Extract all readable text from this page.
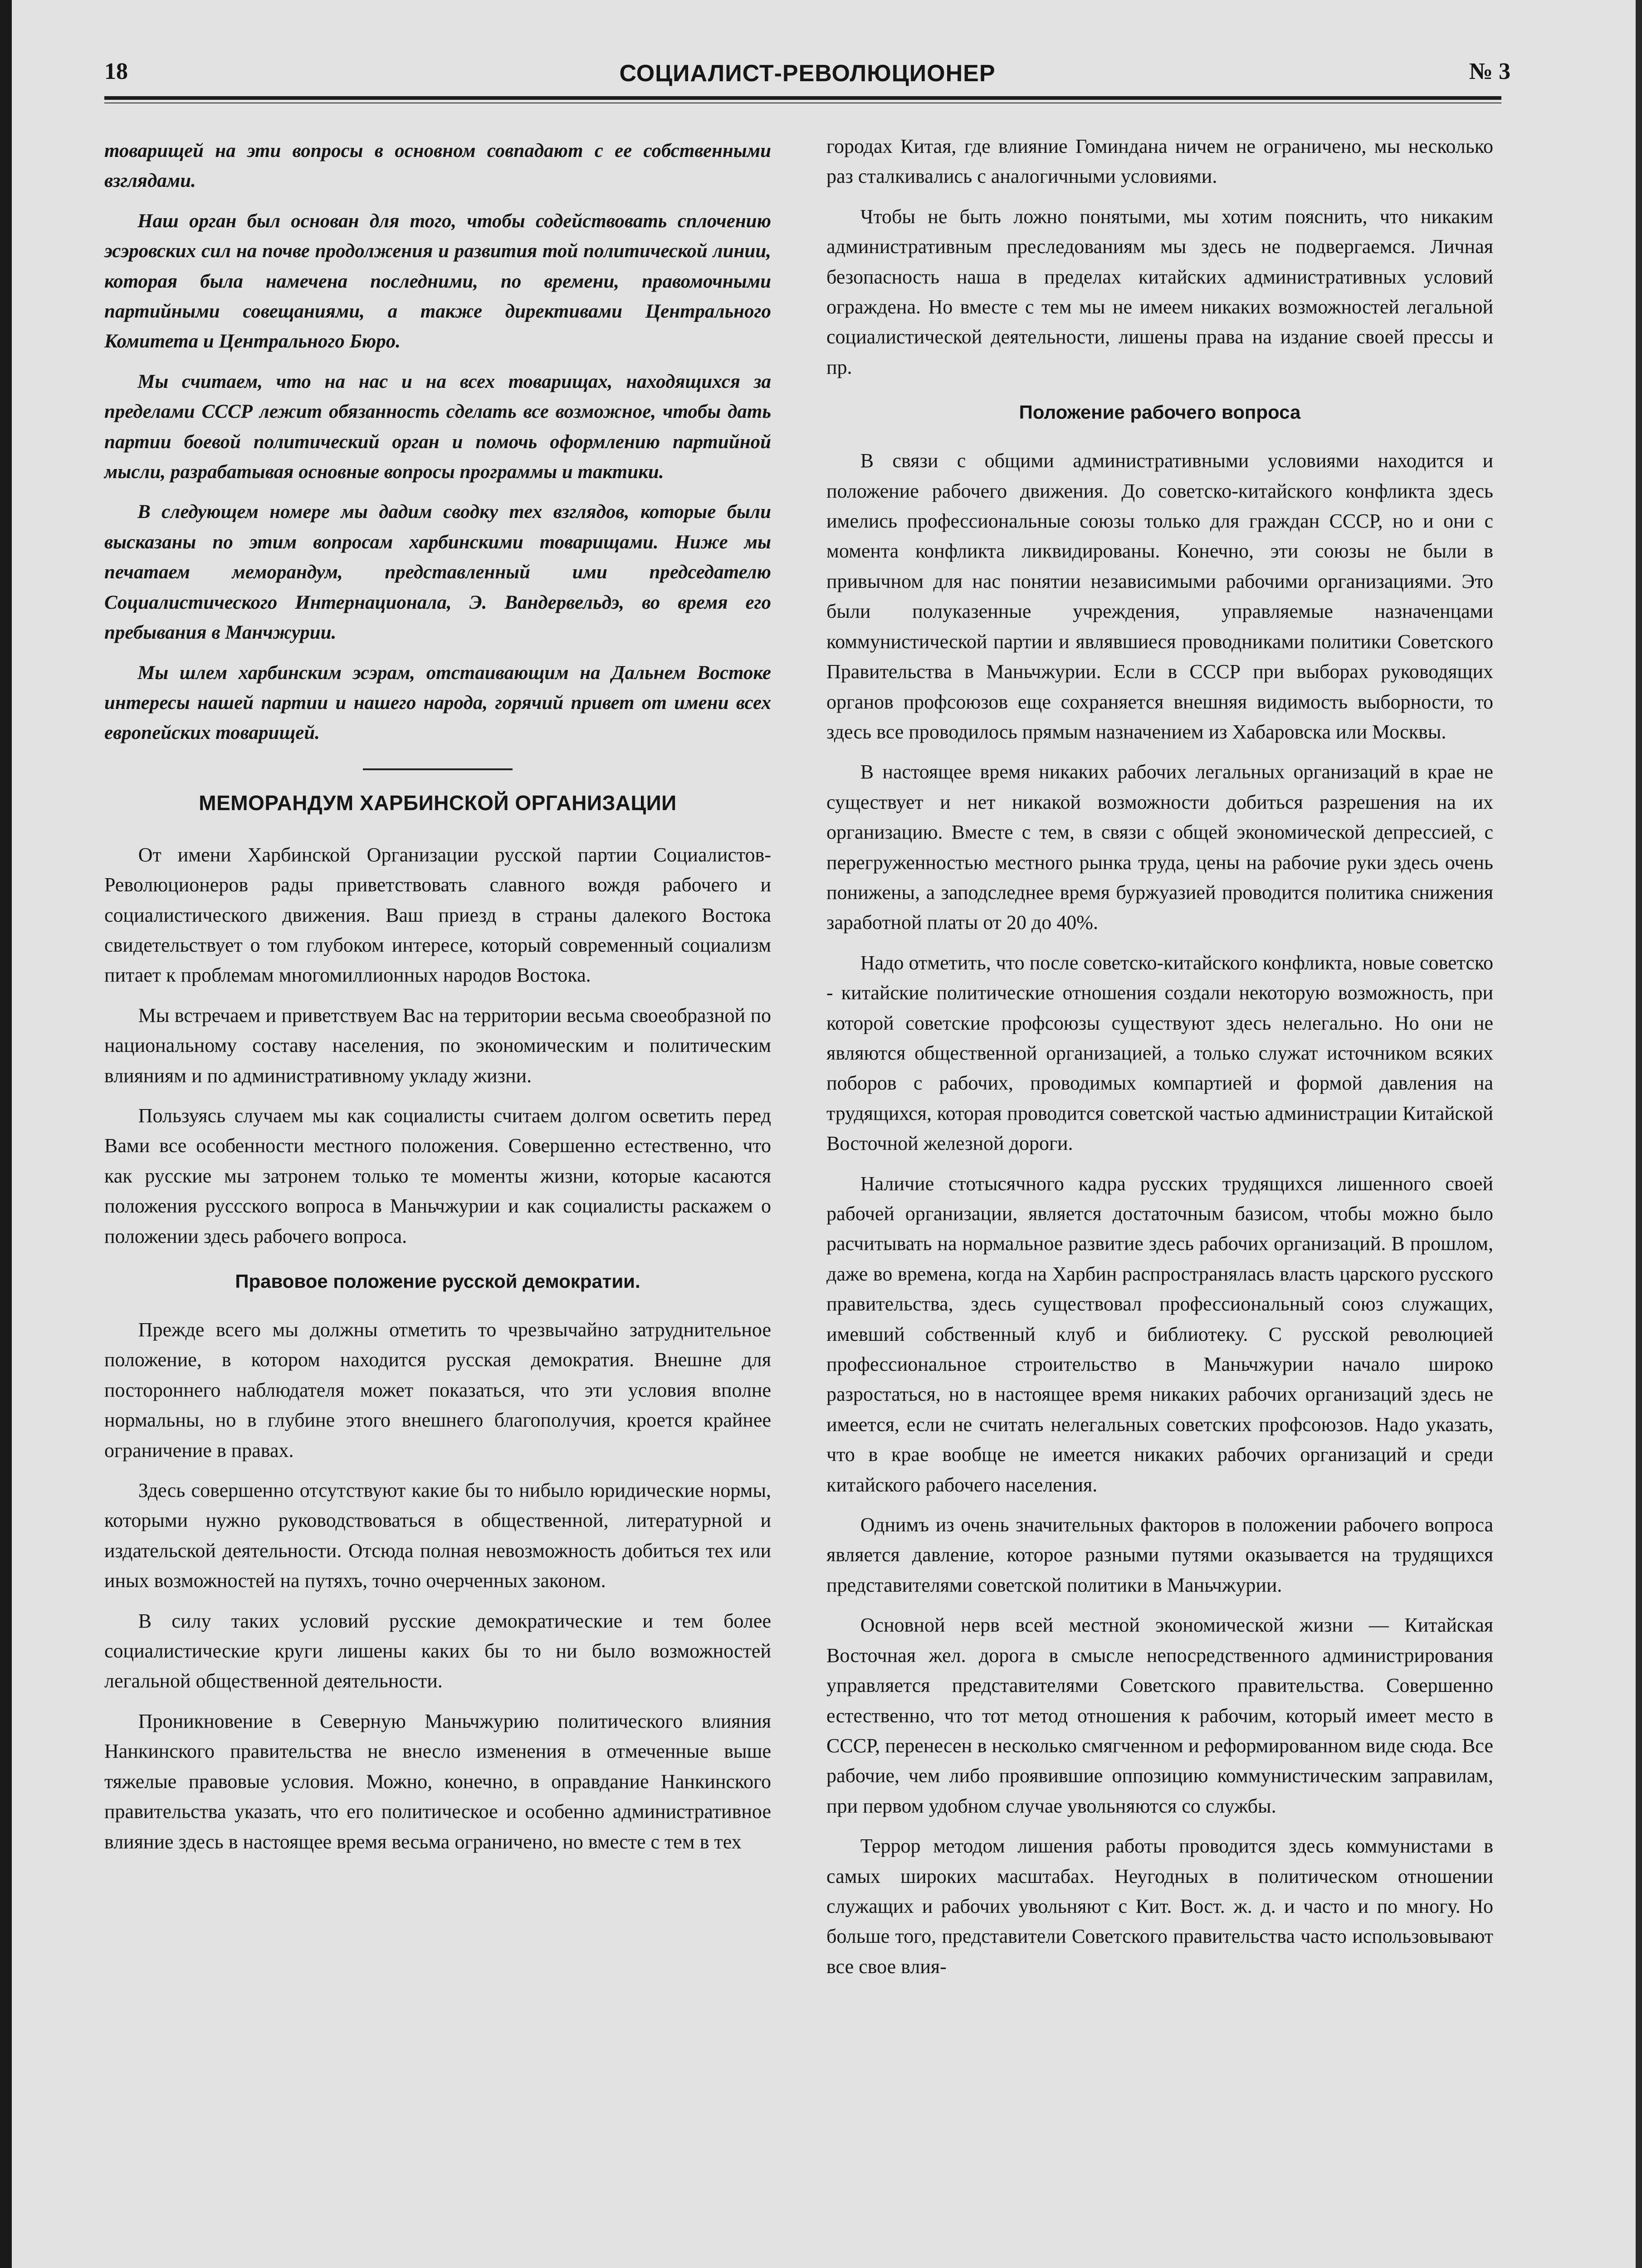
18	СОЦИАЛИСТ-РЕВОЛЮЦИОНЕР	№ 3

товарищей на эти вопросы в основном совпадают с ее собственными взглядами.

Наш орган был основан для того, чтобы содействовать сплочению эсэровских сил на почве продолжения и развития той политической линии, которая была намечена последними, по времени, правомочными партийными совещаниями, а также директивами Центрального Комитета и Центрального Бюро.

Мы считаем, что на нас и на всех товарищах, находящихся за пределами СССР лежит обязанность сделать все возможное, чтобы дать партии боевой политический орган и помочь оформлению партийной мысли, разрабатывая основные вопросы программы и тактики.

В следующем номере мы дадим сводку тех взглядов, которые были высказаны по этим вопросам харбинскими товарищами. Ниже мы печатаем меморандум, представленный ими председателю Социалистического Интернационала, Э. Вандервельдэ, во время его пребывания в Манчжурии.

Мы шлем харбинским эсэрам, отстаивающим на Дальнем Востоке интересы нашей партии и нашего народа, горячий привет от имени всех европейских товарищей.

МЕМОРАНДУМ ХАРБИНСКОЙ ОРГАНИЗАЦИИ

От имени Харбинской Организации русской партии Социалистов-Революционеров рады приветствовать славного вождя рабочего и социалистического движения. Ваш приезд в страны далекого Востока свидетельствует о том глубоком интересе, который современный социализм питает к проблемам многомиллионных народов Востока.

Мы встречаем и приветствуем Вас на территории весьма своеобразной по национальному составу населения, по экономическим и политическим влияниям и по административному укладу жизни.

Пользуясь случаем мы как социалисты считаем долгом осветить перед Вами все особенности местного положения. Совершенно естественно, что как русские мы затронем только те моменты жизни, которые касаются положения русcского вопроса в Маньчжурии и как социалисты раскажем о положении здесь рабочего вопроса.

Правовое положение русской демократии.

Прежде всего мы должны отметить то чрезвычайно затруднительное положение, в котором находится русская демократия. Внешне для постороннего наблюдателя может показаться, что эти условия вполне нормальны, но в глубине этого внешнего благополучия, кроется крайнее ограничение в правах.

Здесь совершенно отсутствуют какие бы то нибыло юридические нормы, которыми нужно руководствоваться в общественной, литературной и издательской деятельности. Отсюда полная невозможность добиться тех или иных возможностей на путяхъ, точно очерченных законом.

В силу таких условий русские демократические и тем более социалистические круги лишены каких бы то ни было возможностей легальной общественной деятельности.

Проникновение в Северную Маньчжурию политического влияния Нанкинского правительства не внесло изменения в отмеченные выше тяжелые правовые условия. Можно, конечно, в оправдание Нанкинского правительства указать, что его политическое и особенно административное влияние здесь в настоящее время весьма ограничено, но вместе с тем в тех

городах Китая, где влияние Гоминдана ничем не ограничено, мы несколько раз сталкивались с аналогичными условиями.

Чтобы не быть ложно понятыми, мы хотим пояснить, что никаким административным преследованиям мы здесь не подвергаемся. Личная безопасность наша в пределах китайских административных условий ограждена. Но вместе с тем мы не имеем никаких возможностей легальной социалистической деятельности, лишены права на издание своей прессы и пр.

Положение рабочего вопроса

В связи с общими административными условиями находится и положение рабочего движения. До советско-китайского конфликта здесь имелись профессиональные союзы только для граждан СССР, но и они с момента конфликта ликвидированы. Конечно, эти союзы не были в привычном для нас понятии независимыми рабочими организациями. Это были полуказенные учреждения, управляемые назначенцами коммунистической партии и являвшиеся проводниками политики Советского Правительства в Маньчжурии. Если в СССР при выборах руководящих органов профсоюзов еще сохраняется внешняя видимость выборности, то здесь все проводилось прямым назначением из Хабаровска или Москвы.

В настоящее время никаких рабочих легальных организаций в крае не существует и нет никакой возможности добиться разрешения на их организацию. Вместе с тем, в связи с общей экономической депрессией, с перегруженностью местного рынка труда, цены на рабочие руки здесь очень понижены, а заподследнее время буржуазией проводится политика снижения заработной платы от 20 до 40%.

Надо отметить, что после советско-китайского конфликта, новые советско - китайские политические отношения создали некоторую возможность, при которой советские профсоюзы существуют здесь нелегально. Но они не являются общественной организацией, а только служат источником всяких поборов с рабочих, проводимых компартией и формой давления на трудящихся, которая проводится советской частью администрации Китайской Восточной железной дороги.

Наличие стотысячного кадра русских трудящихся лишенного своей рабочей организации, является достаточным базисом, чтобы можно было расчитывать на нормальное развитие здесь рабочих организаций. В прошлом, даже во времена, когда на Харбин распространялась власть царского русского правительства, здесь существовал профессиональный союз служащих, имевший собственный клуб и библиотеку. С русской революцией профессиональное строительство в Маньчжурии начало широко разростаться, но в настоящее время никаких рабочих организаций здесь не имеется, если не считать нелегальных советских профсоюзов. Надо указать, что в крае вообще не имеется никаких рабочих организаций и среди китайского рабочего населения.

Однимъ из очень значительных факторов в положении рабочего вопроса является давление, которое разными путями оказывается на трудящихся представителями советской политики в Маньчжурии.

Основной нерв всей местной экономической жизни — Китайская Восточная жел. дорога в смысле непосредственного администрирования управляется представителями Советского правительства. Совершенно естественно, что тот метод отношения к рабочим, который имеет место в СССР, перенесен в несколько смягченном и реформированном виде сюда. Все рабочие, чем либо проявившие оппозицию коммунистическим заправилам, при первом удобном случае увольняются со службы.

Террор методом лишения работы проводится здесь коммунистами в самых широких масштабах. Неугодных в политическом отношении служащих и рабочих увольняют с Кит. Вост. ж. д. и часто и по многу. Но больше того, представители Советского правительства часто использовывают все свое влия-
